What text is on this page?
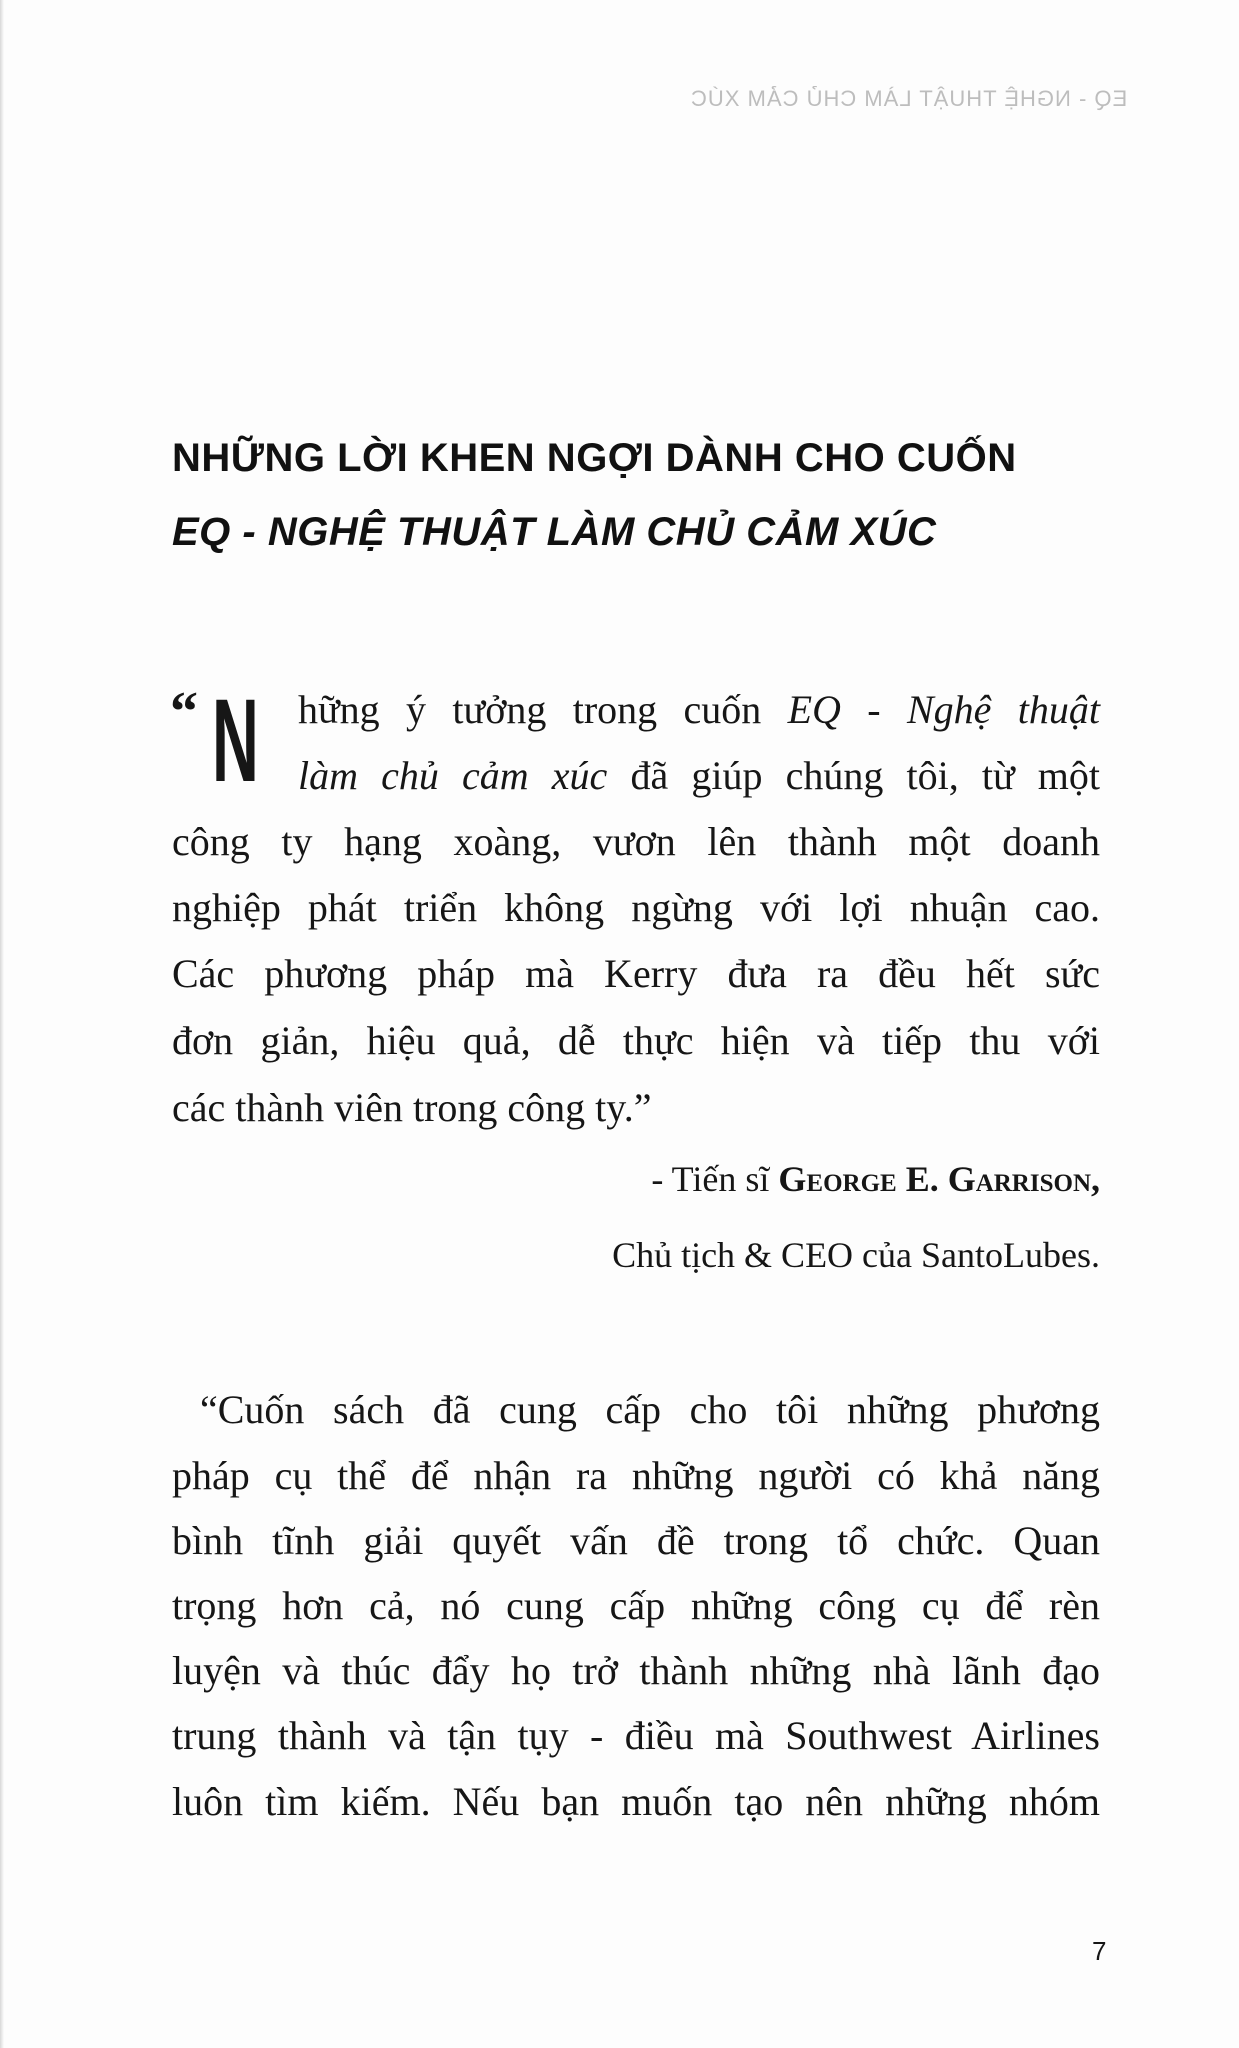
EQ - NGHỆ THUẬT LÀM CHỦ CẢM XÚC
NHỮNG LỜI KHEN NGỢI DÀNH CHO CUỐN
EQ - NGHỆ THUẬT LÀM CHỦ CẢM XÚC
“ N hững ý tưởng trong cuốn EQ - Nghệ thuật
làm chủ cảm xúc đã giúp chúng tôi, từ một
công ty hạng xoàng, vươn lên thành một doanh
nghiệp phát triển không ngừng với lợi nhuận cao.
Các phương pháp mà Kerry đưa ra đều hết sức
đơn giản, hiệu quả, dễ thực hiện và tiếp thu với
các thành viên trong công ty.”
- Tiến sĩ George E. Garrison,
Chủ tịch & CEO của SantoLubes.
“Cuốn sách đã cung cấp cho tôi những phương
pháp cụ thể để nhận ra những người có khả năng
bình tĩnh giải quyết vấn đề trong tổ chức. Quan
trọng hơn cả, nó cung cấp những công cụ để rèn
luyện và thúc đẩy họ trở thành những nhà lãnh đạo
trung thành và tận tụy - điều mà Southwest Airlines
luôn tìm kiếm. Nếu bạn muốn tạo nên những nhóm
7
